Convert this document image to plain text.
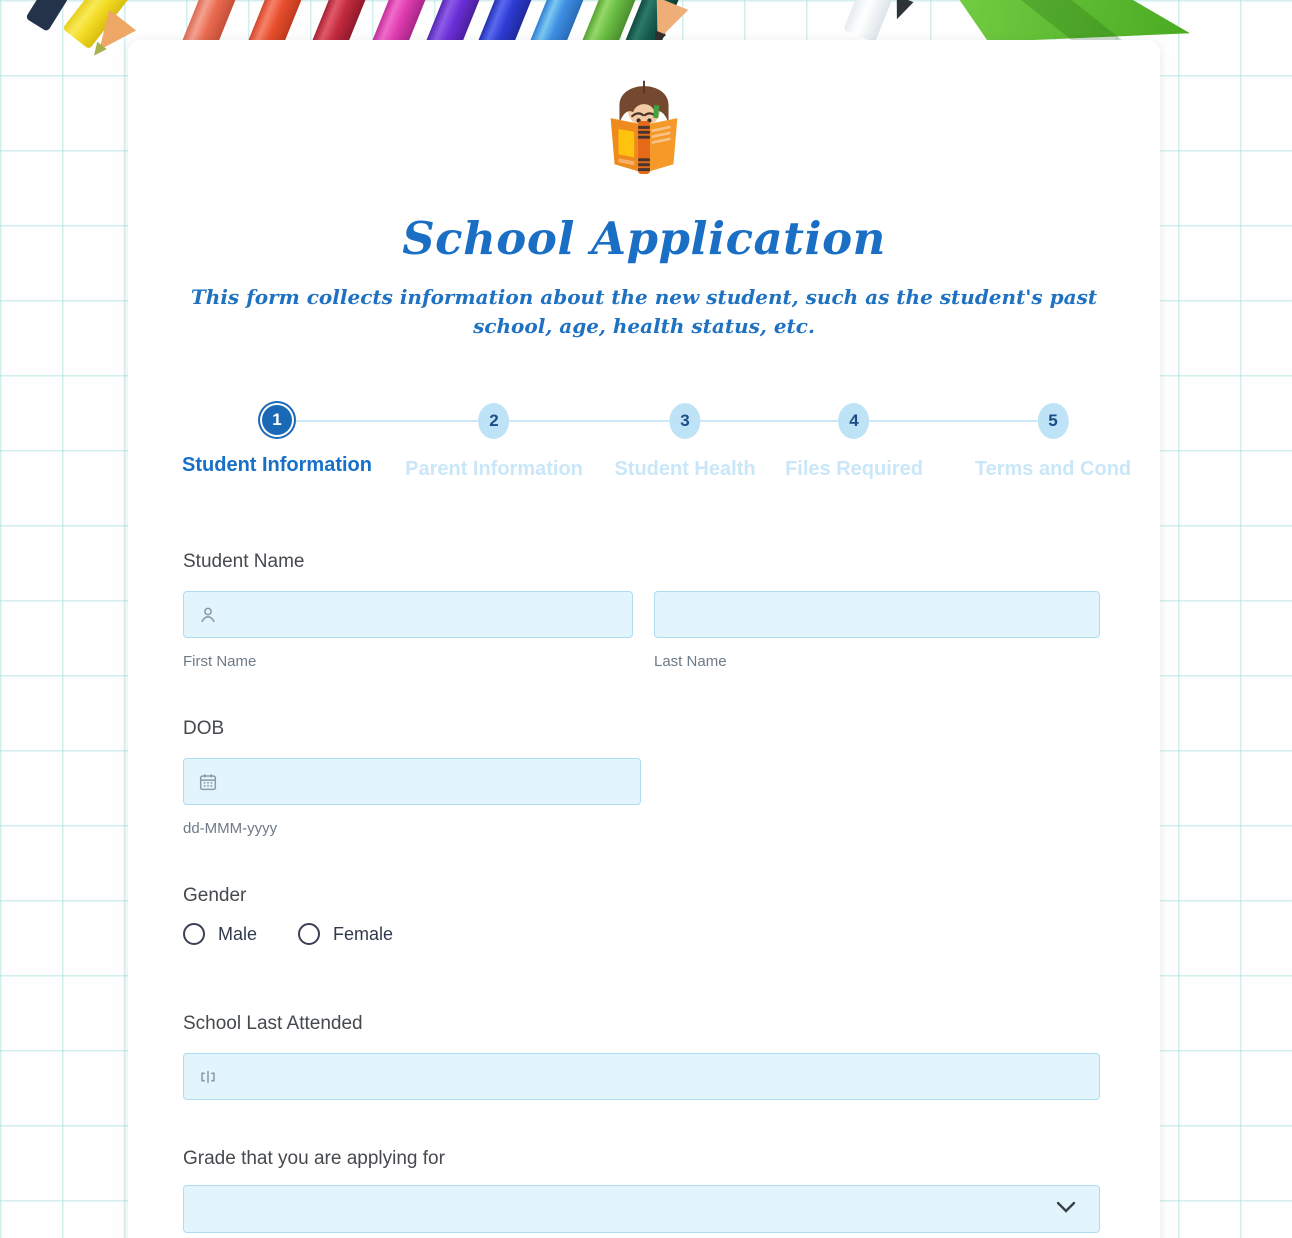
School Application

This form collects information about the new student, such as the student's past school, age, health status, etc.

1
Student Information
2
Parent Information
3
Student Health
4
Files Required
5
Terms and Cond
Student Name
First Name	Last Name
DOB
dd-MMM-yyyy
Gender
Male	Female
School Last Attended
Grade that you are applying for
